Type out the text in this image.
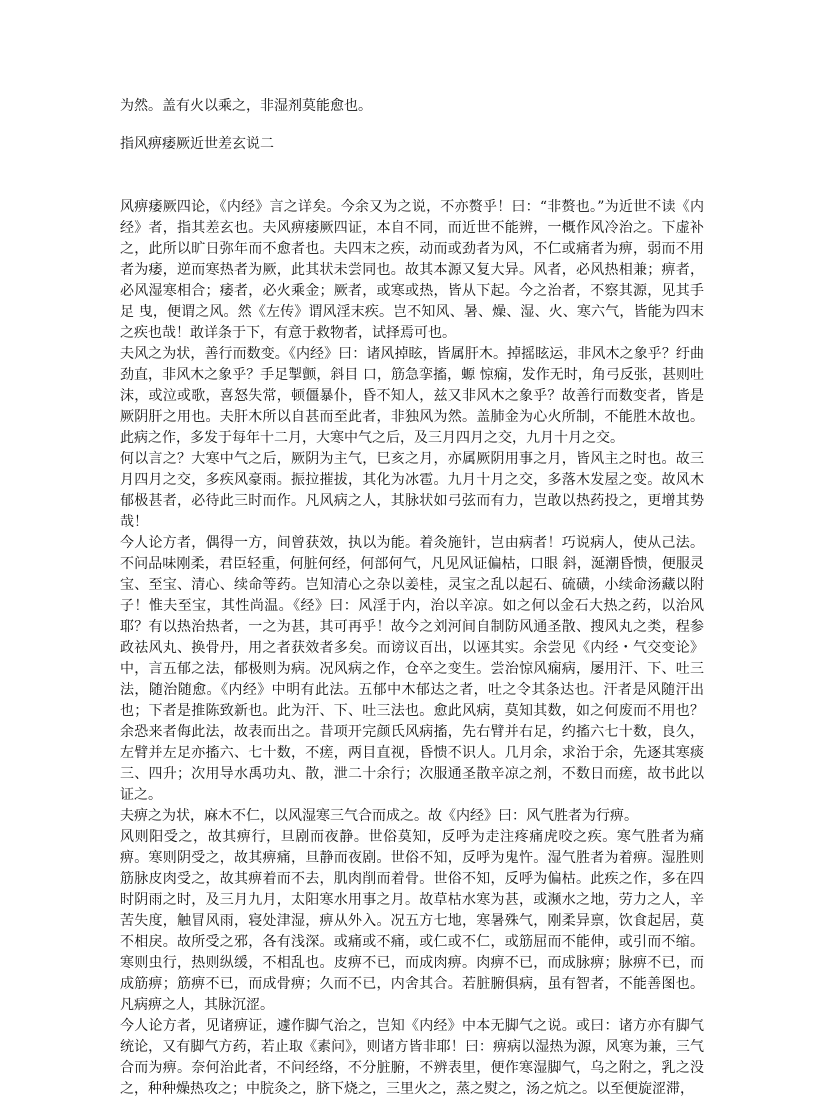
为然。盖有火以乘之，非湿剂莫能愈也。

指风痹痿厥近世差玄说二

风痹痿厥四论，《内经》言之详矣。今余又为之说，不亦赘乎！曰：“非赘也。”为近世不读《内经》者，指其差玄也。夫风痹痿厥四证，本自不同，而近世不能辨，一概作风冷治之。下虚补之，此所以旷日弥年而不愈者也。夫四末之疾，动而或劲者为风，不仁或痛者为痹，弱而不用者为痿，逆而寒热者为厥，此其状未尝同也。故其本源又复大异。风者，必风热相兼；痹者，必风湿寒相合；痿者，必火乘金；厥者，或寒或热，皆从下起。今之治者，不察其源，见其手足 曳，便谓之风。然《左传》谓风淫末疾。岂不知风、暑、燥、湿、火、寒六气，皆能为四末之疾也哉！敢详条于下，有意于救物者，试择焉可也。

夫风之为状，善行而数变。《内经》曰：诸风掉眩，皆属肝木。掉摇眩运，非风木之象乎？纡曲劲直，非风木之象乎？手足掣颤，斜目 口，筋急挛搐，螈 惊痫，发作无时，角弓反张，甚则吐沫，或泣或歌，喜怒失常，顿僵暴仆，昏不知人，兹又非风木之象乎？故善行而数变者，皆是厥阴肝之用也。夫肝木所以自甚而至此者，非独风为然。盖肺金为心火所制，不能胜木故也。此病之作，多发于每年十二月，大寒中气之后，及三月四月之交，九月十月之交。

何以言之？大寒中气之后，厥阴为主气，巳亥之月，亦属厥阴用事之月，皆风主之时也。故三月四月之交，多疾风豪雨。振拉摧拔，其化为冰雹。九月十月之交，多落木发屋之变。故风木郁极甚者，必待此三时而作。凡风病之人，其脉状如弓弦而有力，岂敢以热药投之，更增其势哉！

今人论方者，偶得一方，间曾获效，执以为能。着灸施针，岂由病者！巧说病人，使从己法。不问品味刚柔，君臣轻重，何脏何经，何部何气，凡见风证偏枯，口眼 斜，涎潮昏愦，便服灵宝、至宝、清心、续命等药。岂知清心之杂以姜桂，灵宝之乱以起石、硫磺，小续命汤藏以附子！惟夫至宝，其性尚温。《经》曰：风淫于内，治以辛凉。如之何以金石大热之药，以治风耶？有以热治热者，一之为甚，其可再乎！故今之刘河间自制防风通圣散、搜风丸之类，程参政祛风丸、换骨丹，用之者获效者多矣。而谤议百出，以诬其实。余尝见《内经・气交变论》中，言五郁之法，郁极则为病。况风病之作，仓卒之变生。尝治惊风痫病，屡用汗、下、吐三法，随治随愈。《内经》中明有此法。五郁中木郁达之者，吐之令其条达也。汗者是风随汗出也；下者是推陈致新也。此为汗、下、吐三法也。愈此风病，莫知其数，如之何废而不用也？余恐来者侮此法，故表而出之。昔项开完颜氏风病搐，先右臂并右足，约搐六七十数，良久，左臂并左足亦搐六、七十数，不瘥，两目直视，昏愦不识人。几月余，求治于余，先逐其寒痰三、四升；次用导水禹功丸、散，泄二十余行；次服通圣散辛凉之剂，不数日而瘥，故书此以证之。

夫痹之为状，麻木不仁，以风湿寒三气合而成之。故《内经》曰：风气胜者为行痹。

风则阳受之，故其痹行，旦剧而夜静。世俗莫知，反呼为走注疼痛虎咬之疾。寒气胜者为痛痹。寒则阴受之，故其痹痛，旦静而夜剧。世俗不知，反呼为鬼忤。湿气胜者为着痹。湿胜则筋脉皮肉受之，故其痹着而不去，肌肉削而着骨。世俗不知，反呼为偏枯。此疾之作，多在四时阴雨之时，及三月九月，太阳寒水用事之月。故草枯水寒为甚，或濒水之地，劳力之人，辛苦失度，触冒风雨，寝处津湿，痹从外入。况五方七地，寒暑殊气，刚柔异禀，饮食起居，莫不相戾。故所受之邪，各有浅深。或痛或不痛，或仁或不仁，或筋屈而不能伸，或引而不缩。寒则虫行，热则纵缓，不相乱也。皮痹不已，而成肉痹。肉痹不已，而成脉痹；脉痹不已，而成筋痹；筋痹不已，而成骨痹；久而不已，内舍其合。若脏腑俱病，虽有智者，不能善图也。凡病痹之人，其脉沉涩。

今人论方者，见诸痹证，遽作脚气治之，岂知《内经》中本无脚气之说。或曰：诸方亦有脚气统论，又有脚气方药，若止取《素问》，则诸方皆非耶！曰：痹病以湿热为源，风寒为兼，三气合而为痹。奈何治此者，不问经络，不分脏腑，不辨表里，便作寒湿脚气，乌之附之，乳之没之，种种燥热攻之；中脘灸之，脐下烧之，三里火之，蒸之熨之，汤之炕之。以至便旋涩滞，
